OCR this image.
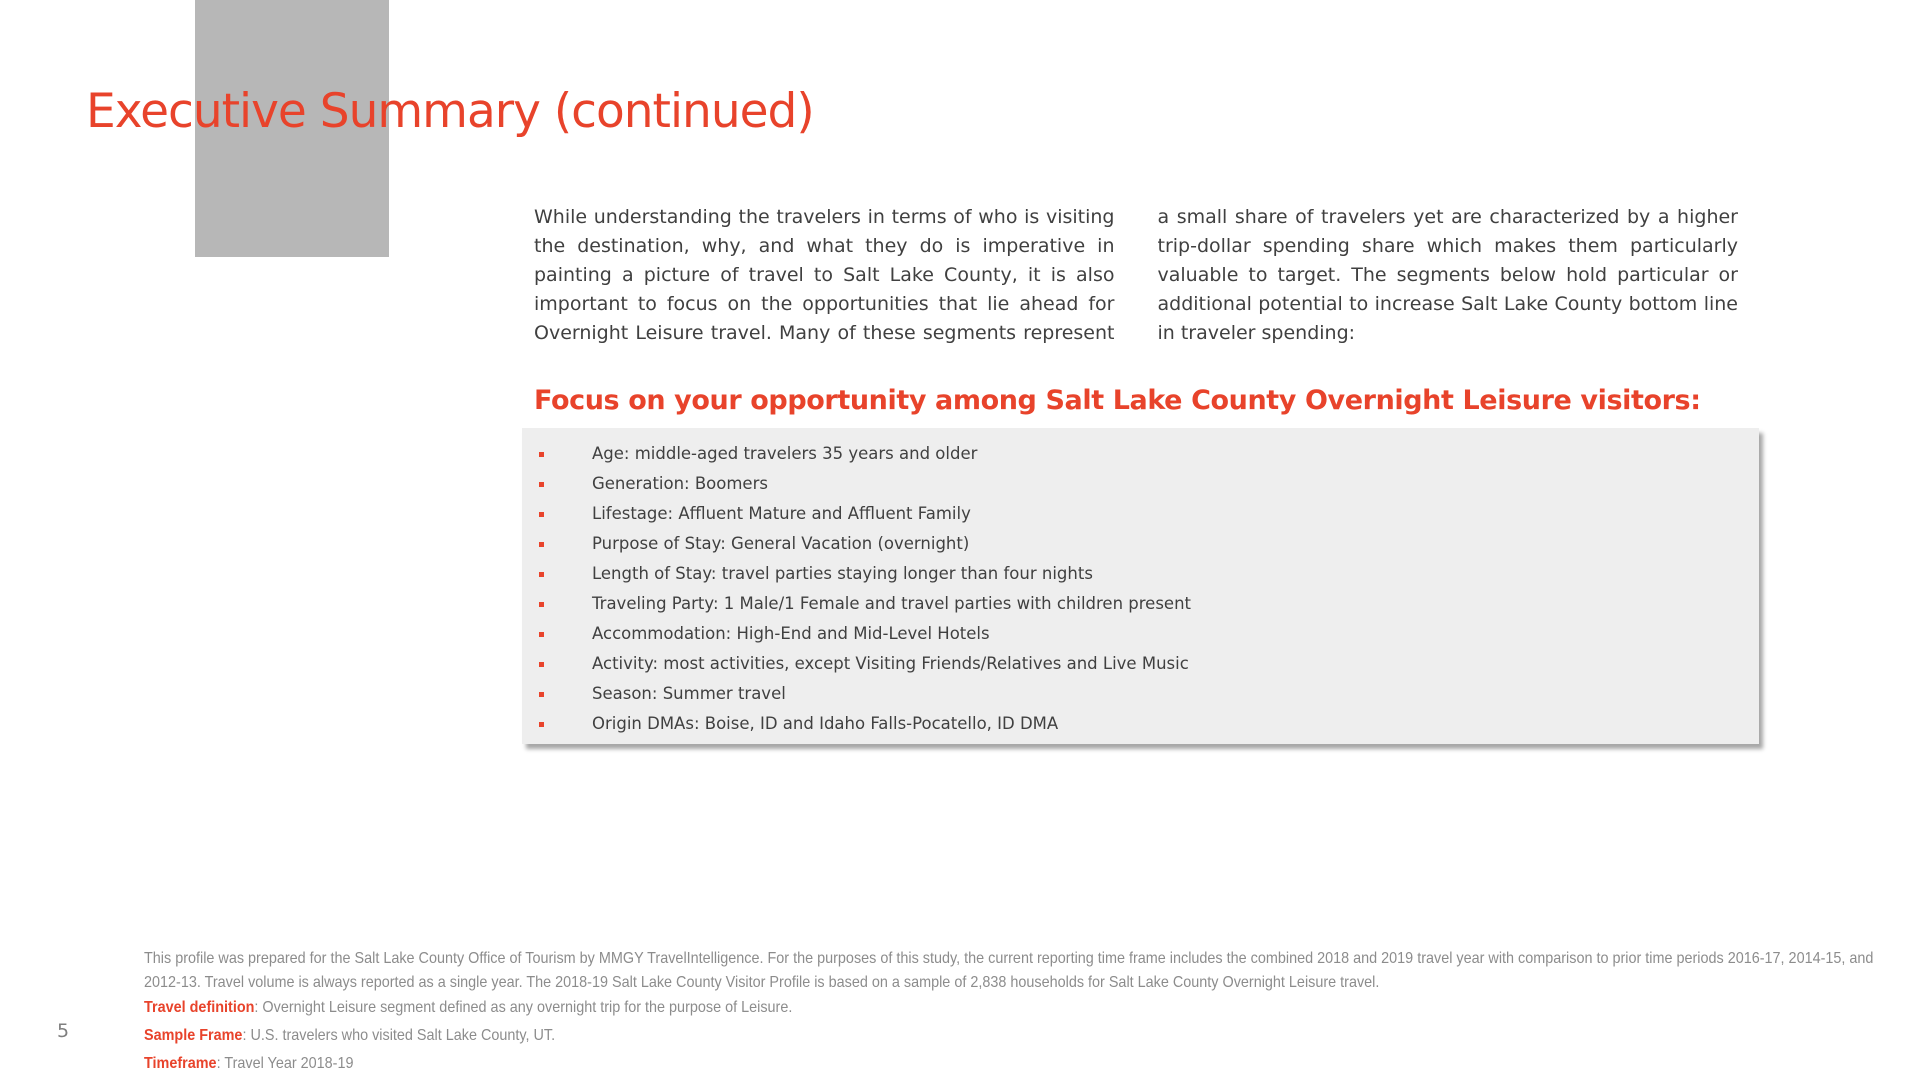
Executive Summary (continued)

While understanding the travelers in terms of who is visiting the destination, why, and what they do is imperative in painting a picture of travel to Salt Lake County, it is also important to focus on the opportunities that lie ahead for Overnight Leisure travel. Many of these segments represent a small share of travelers yet are characterized by a higher trip-dollar spending share which makes them particularly valuable to target. The segments below hold particular or additional potential to increase Salt Lake County bottom line in traveler spending:

Focus on your opportunity among Salt Lake County Overnight Leisure visitors:
Age: middle-aged travelers 35 years and older
Generation: Boomers
Lifestage: Affluent Mature and Affluent Family
Purpose of Stay: General Vacation (overnight)
Length of Stay: travel parties staying longer than four nights
Traveling Party: 1 Male/1 Female and travel parties with children present
Accommodation: High-End and Mid-Level Hotels
Activity: most activities, except Visiting Friends/Relatives and Live Music
Season: Summer travel
Origin DMAs: Boise, ID and Idaho Falls-Pocatello, ID DMA
5

This profile was prepared for the Salt Lake County Office of Tourism by MMGY TravelIntelligence. For the purposes of this study, the current reporting time frame includes the combined 2018 and 2019 travel year with comparison to prior time periods 2016-17, 2014-15, and 2012-13. Travel volume is always reported as a single year. The 2018-19 Salt Lake County Visitor Profile is based on a sample of 2,838 households for Salt Lake County Overnight Leisure travel.

Travel definition: Overnight Leisure segment defined as any overnight trip for the purpose of Leisure.

Sample Frame: U.S. travelers who visited Salt Lake County, UT.

Timeframe: Travel Year 2018-19
